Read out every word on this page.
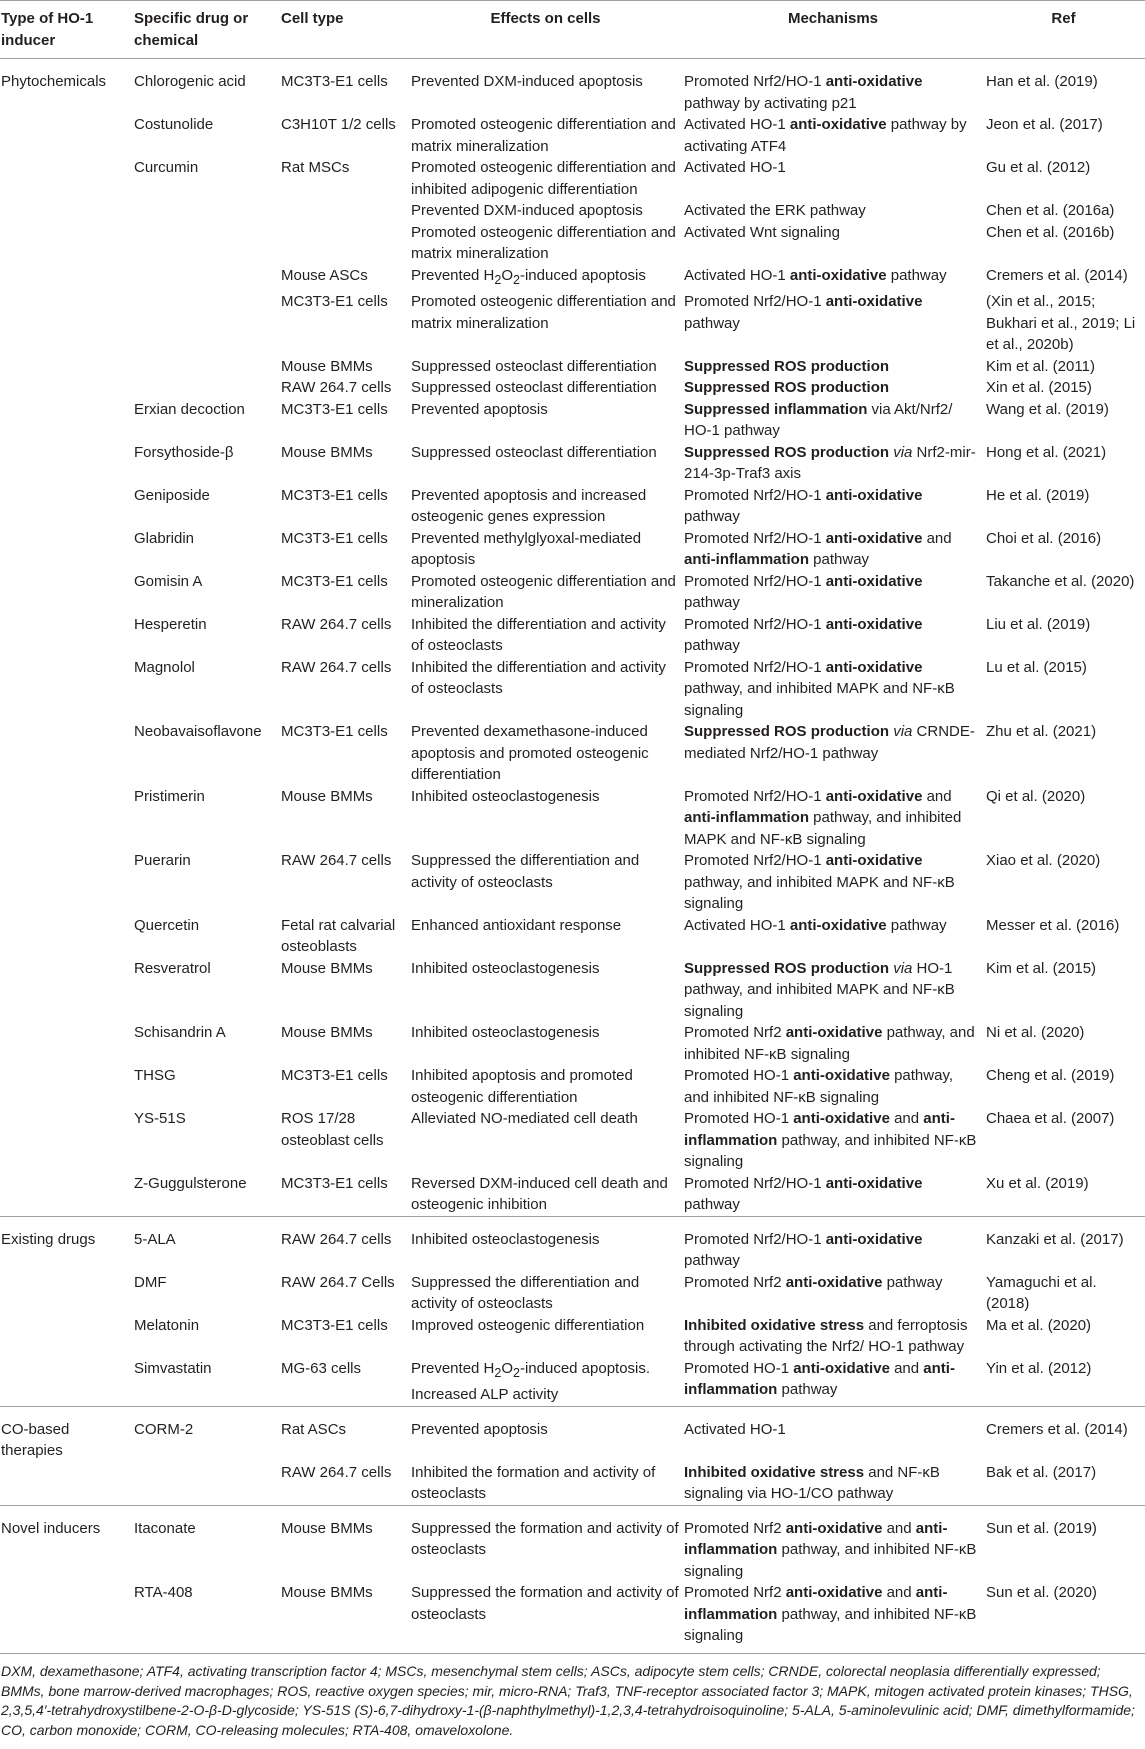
Type of HO-1 inducer	Specific drug or chemical	Cell type	Effects on cells	Mechanisms	Ref
Phytochemicals	Chlorogenic acid	MC3T3-E1 cells	Prevented DXM-induced apoptosis	Promoted Nrf2/HO-1 anti-oxidative pathway by activating p21	Han et al. (2019)
	Costunolide	C3H10T 1/2 cells	Promoted osteogenic differentiation and matrix mineralization	Activated HO-1 anti-oxidative pathway by activating ATF4	Jeon et al. (2017)
	Curcumin	Rat MSCs	Promoted osteogenic differentiation and inhibited adipogenic differentiation	Activated HO-1	Gu et al. (2012)
			Prevented DXM-induced apoptosis	Activated the ERK pathway	Chen et al. (2016a)
			Promoted osteogenic differentiation and matrix mineralization	Activated Wnt signaling	Chen et al. (2016b)
		Mouse ASCs	Prevented $H_2O_2$-induced apoptosis	Activated HO-1 anti-oxidative pathway	Cremers et al. (2014)
		MC3T3-E1 cells	Promoted osteogenic differentiation and matrix mineralization	Promoted Nrf2/HO-1 anti-oxidative pathway	(Xin et al., 2015; Bukhari et al., 2019; Li et al., 2020b)
		Mouse BMMs	Suppressed osteoclast differentiation	Suppressed ROS production	Kim et al. (2011)
		RAW 264.7 cells	Suppressed osteoclast differentiation	Suppressed ROS production	Xin et al. (2015)
	Erxian decoction	MC3T3-E1 cells	Prevented apoptosis	Suppressed inflammation via Akt/Nrf2/ HO-1 pathway	Wang et al. (2019)
	Forsythoside-β	Mouse BMMs	Suppressed osteoclast differentiation	Suppressed ROS production via Nrf2-mir-214-3p-Traf3 axis	Hong et al. (2021)
	Geniposide	MC3T3-E1 cells	Prevented apoptosis and increased osteogenic genes expression	Promoted Nrf2/HO-1 anti-oxidative pathway	He et al. (2019)
	Glabridin	MC3T3-E1 cells	Prevented methylglyoxal-mediated apoptosis	Promoted Nrf2/HO-1 anti-oxidative and anti-inflammation pathway	Choi et al. (2016)
	Gomisin A	MC3T3-E1 cells	Promoted osteogenic differentiation and mineralization	Promoted Nrf2/HO-1 anti-oxidative pathway	Takanche et al. (2020)
	Hesperetin	RAW 264.7 cells	Inhibited the differentiation and activity of osteoclasts	Promoted Nrf2/HO-1 anti-oxidative pathway	Liu et al. (2019)
	Magnolol	RAW 264.7 cells	Inhibited the differentiation and activity of osteoclasts	Promoted Nrf2/HO-1 anti-oxidative pathway, and inhibited MAPK and NF-κB signaling	Lu et al. (2015)
	Neobavaisoflavone	MC3T3-E1 cells	Prevented dexamethasone-induced apoptosis and promoted osteogenic differentiation	Suppressed ROS production via CRNDE-mediated Nrf2/HO-1 pathway	Zhu et al. (2021)
	Pristimerin	Mouse BMMs	Inhibited osteoclastogenesis	Promoted Nrf2/HO-1 anti-oxidative and anti-inflammation pathway, and inhibited MAPK and NF-κB signaling	Qi et al. (2020)
	Puerarin	RAW 264.7 cells	Suppressed the differentiation and activity of osteoclasts	Promoted Nrf2/HO-1 anti-oxidative pathway, and inhibited MAPK and NF-κB signaling	Xiao et al. (2020)
	Quercetin	Fetal rat calvarial osteoblasts	Enhanced antioxidant response	Activated HO-1 anti-oxidative pathway	Messer et al. (2016)
	Resveratrol	Mouse BMMs	Inhibited osteoclastogenesis	Suppressed ROS production via HO-1 pathway, and inhibited MAPK and NF-κB signaling	Kim et al. (2015)
	Schisandrin A	Mouse BMMs	Inhibited osteoclastogenesis	Promoted Nrf2 anti-oxidative pathway, and inhibited NF-κB signaling	Ni et al. (2020)
	THSG	MC3T3-E1 cells	Inhibited apoptosis and promoted osteogenic differentiation	Promoted HO-1 anti-oxidative pathway, and inhibited NF-κB signaling	Cheng et al. (2019)
	YS-51S	ROS 17/28 osteoblast cells	Alleviated NO-mediated cell death	Promoted HO-1 anti-oxidative and anti-inflammation pathway, and inhibited NF-κB signaling	Chaea et al. (2007)
	Z-Guggulsterone	MC3T3-E1 cells	Reversed DXM-induced cell death and osteogenic inhibition	Promoted Nrf2/HO-1 anti-oxidative pathway	Xu et al. (2019)
Existing drugs	5-ALA	RAW 264.7 cells	Inhibited osteoclastogenesis	Promoted Nrf2/HO-1 anti-oxidative pathway	Kanzaki et al. (2017)
	DMF	RAW 264.7 Cells	Suppressed the differentiation and activity of osteoclasts	Promoted Nrf2 anti-oxidative pathway	Yamaguchi et al. (2018)
	Melatonin	MC3T3-E1 cells	Improved osteogenic differentiation	Inhibited oxidative stress and ferroptosis through activating the Nrf2/ HO-1 pathway	Ma et al. (2020)
	Simvastatin	MG-63 cells	Prevented $H_2O_2$-induced apoptosis. Increased ALP activity	Promoted HO-1 anti-oxidative and anti-inflammation pathway	Yin et al. (2012)
CO-based therapies	CORM-2	Rat ASCs	Prevented apoptosis	Activated HO-1	Cremers et al. (2014)
		RAW 264.7 cells	Inhibited the formation and activity of osteoclasts	Inhibited oxidative stress and NF-κB signaling via HO-1/CO pathway	Bak et al. (2017)
Novel inducers	Itaconate	Mouse BMMs	Suppressed the formation and activity of osteoclasts	Promoted Nrf2 anti-oxidative and anti-inflammation pathway, and inhibited NF-κB signaling	Sun et al. (2019)
	RTA-408	Mouse BMMs	Suppressed the formation and activity of osteoclasts	Promoted Nrf2 anti-oxidative and anti-inflammation pathway, and inhibited NF-κB signaling	Sun et al. (2020)
DXM, dexamethasone; ATF4, activating transcription factor 4; MSCs, mesenchymal stem cells; ASCs, adipocyte stem cells; CRNDE, colorectal neoplasia differentially expressed; BMMs, bone marrow-derived macrophages; ROS, reactive oxygen species; mir, micro-RNA; Traf3, TNF-receptor associated factor 3; MAPK, mitogen activated protein kinases; THSG, 2,3,5,4′-tetrahydroxystilbene-2-O-β-D-glycoside; YS-51S (S)-6,7-dihydroxy-1-(β-naphthylmethyl)-1,2,3,4-tetrahydroisoquinoline; 5-ALA, 5-aminolevulinic acid; DMF, dimethylformamide; CO, carbon monoxide; CORM, CO-releasing molecules; RTA-408, omaveloxolone.
